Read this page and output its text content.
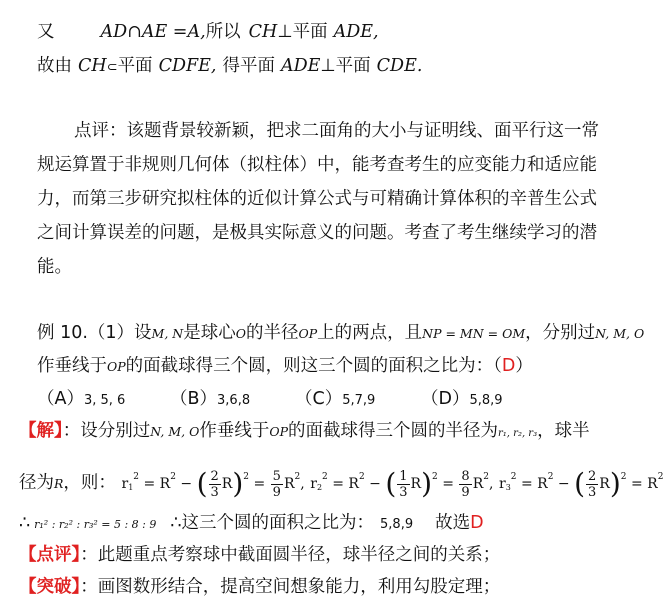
又	AD∩AE =A,所以 CH⊥平面 ADE,
故由 CH⊂平面 CDFE, 得平面 ADE⊥平面 CDE.
点评：该题背景较新颖，把求二面角的大小与证明线、面平行这一常
规运算置于非规则几何体（拟柱体）中，能考查考生的应变能力和适应能
力，而第三步研究拟柱体的近似计算公式与可精确计算体积的辛普生公式
之间计算误差的问题，是极具实际意义的问题。考查了考生继续学习的潜
能。
例 10.（1）设M, N是球心O的半径OP上的两点，且NP = MN = OM，分别过N, M, O
作垂线于OP的面截球得三个圆，则这三个圆的面积之比为：（D）
（A）3, 5, 6	（B）3,6,8	（C）5,7,9	（D）5,8,9
【解】：设分别过N, M, O作垂线于OP的面截球得三个圆的半径为r₁, r₂, r₃，球半
径为R，则： $r_1^2 = R^2$ − ( $\frac{2}{3} R)^2 = \frac{5}{9} R^2$, $r_2^2 = R^2$ − ( $\frac{1}{3} R)^2 = \frac{8}{9} R^2$, $r_3^2 = R^2$ − ( $\frac{2}{3} R)^2 = R^2$
∴ r₁² : r₂² : r₃² = 5 : 8 : 9 ∴这三个圆的面积之比为： 5,8,9 故选D
【点评】：此题重点考察球中截面圆半径，球半径之间的关系；
【突破】：画图数形结合，提高空间想象能力，利用勾股定理；
